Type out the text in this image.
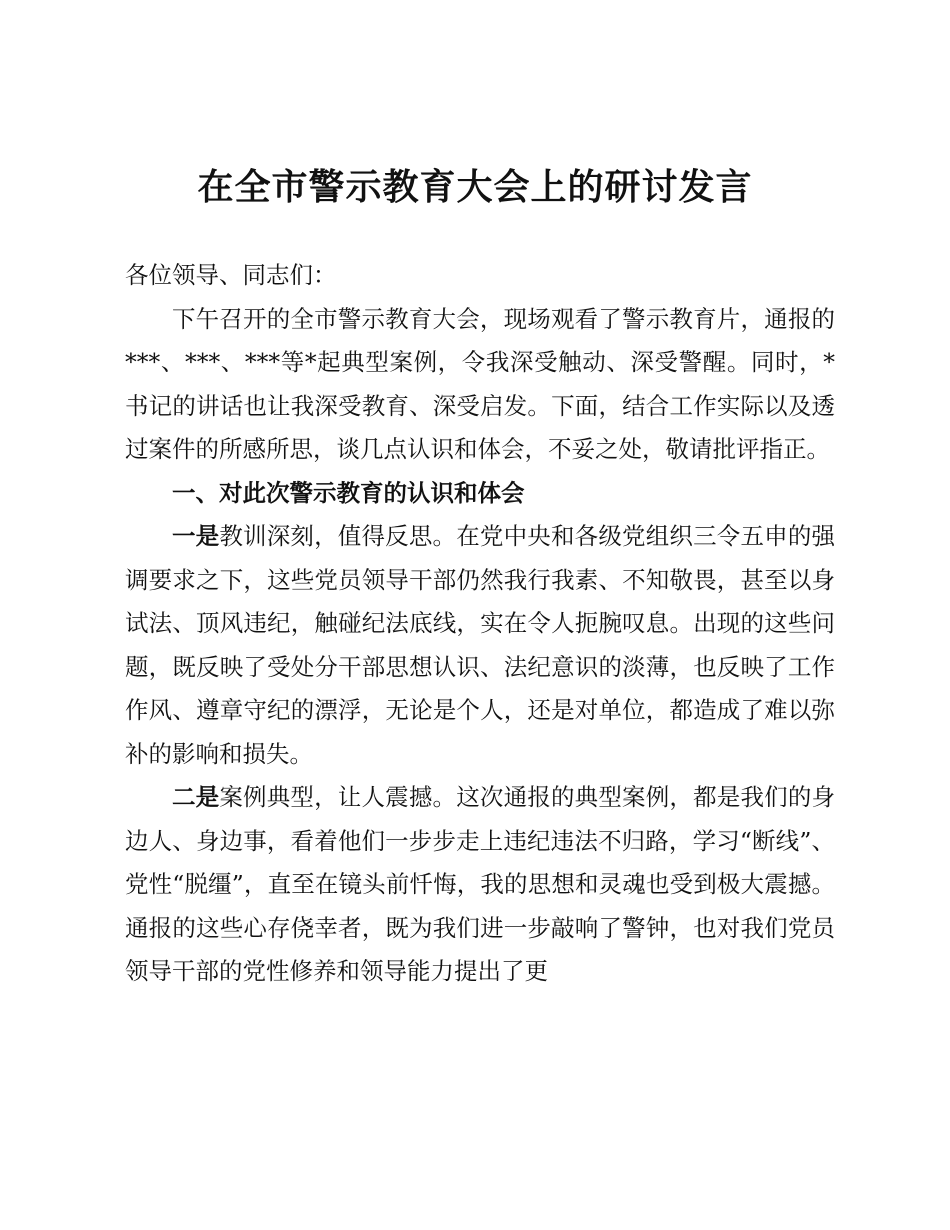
在全市警示教育大会上的研讨发言

各位领导、同志们：

下午召开的全市警示教育大会，现场观看了警示教育片，通报的***、***、***等*起典型案例，令我深受触动、深受警醒。同时，*书记的讲话也让我深受教育、深受启发。下面，结合工作实际以及透过案件的所感所思，谈几点认识和体会，不妥之处，敬请批评指正。

一、对此次警示教育的认识和体会

一是教训深刻，值得反思。在党中央和各级党组织三令五申的强调要求之下，这些党员领导干部仍然我行我素、不知敬畏，甚至以身试法、顶风违纪，触碰纪法底线，实在令人扼腕叹息。出现的这些问题，既反映了受处分干部思想认识、法纪意识的淡薄，也反映了工作作风、遵章守纪的漂浮，无论是个人，还是对单位，都造成了难以弥补的影响和损失。

二是案例典型，让人震撼。这次通报的典型案例，都是我们的身边人、身边事，看着他们一步步走上违纪违法不归路，学习“断线”、党性“脱缰”，直至在镜头前忏悔，我的思想和灵魂也受到极大震撼。通报的这些心存侥幸者，既为我们进一步敲响了警钟，也对我们党员领导干部的党性修养和领导能力提出了更
